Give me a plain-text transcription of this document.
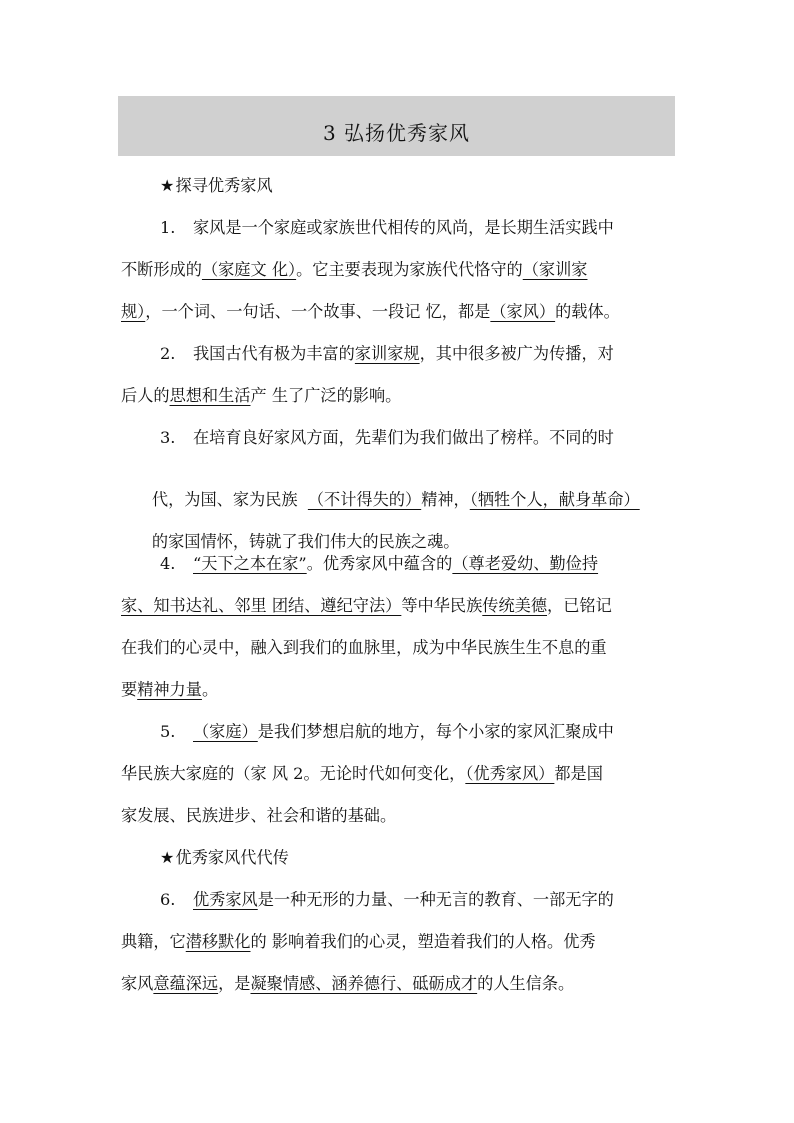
3 弘扬优秀家风
★探寻优秀家风
1. 家风是一个家庭或家族世代相传的风尚，是长期生活实践中
不断形成的（家庭文 化）。它主要表现为家族代代恪守的（家训家
规），一个词、一句话、一个故事、一段记 忆，都是（家风）的载体。
2. 我国古代有极为丰富的家训家规，其中很多被广为传播，对
后人的思想和生活产 生了广泛的影响。
3. 在培育良好家风方面，先辈们为我们做出了榜样。不同的时

代，为国、家为民族  （不计得失的）精神，（牺牲个人，献身革命）

的家国情怀，铸就了我们伟大的民族之魂。

4. “天下之本在家”。优秀家风中蕴含的（尊老爱幼、勤俭持
家、知书达礼、邻里 团结、遵纪守法）等中华民族传统美德，已铭记
在我们的心灵中，融入到我们的血脉里，成为中华民族生生不息的重
要精神力量。
5. （家庭）是我们梦想启航的地方，每个小家的家风汇聚成中
华民族大家庭的（家 风 2。无论时代如何变化，（优秀家风）都是国
家发展、民族进步、社会和谐的基础。
★优秀家风代代传
6. 优秀家风是一种无形的力量、一种无言的教育、一部无字的
典籍，它潜移默化的 影响着我们的心灵，塑造着我们的人格。优秀
家风意蕴深远，是凝聚情感、涵养德行、砥砺成才的人生信条。
